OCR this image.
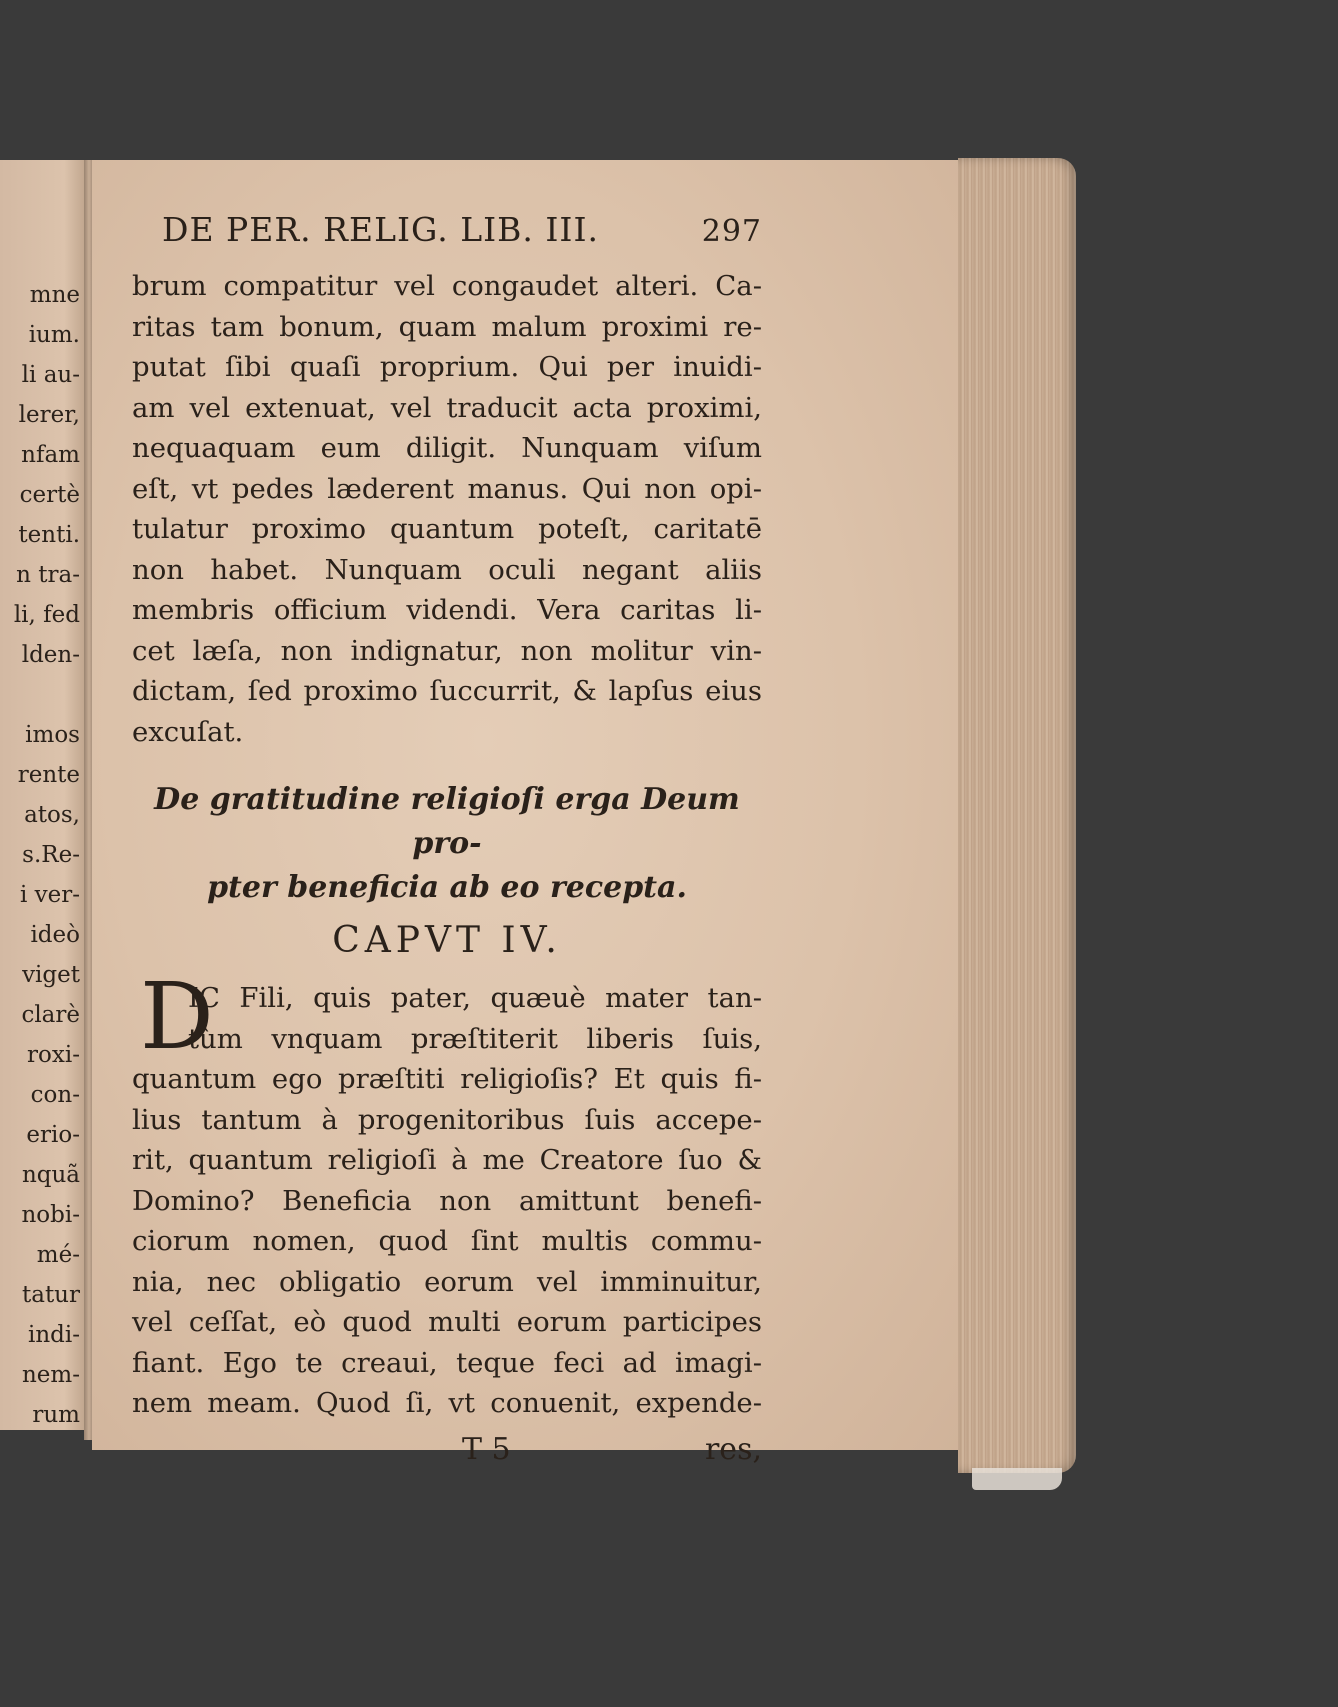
mne
ium.
li au-
lerer,
nfam
certè
tenti.
n tra-
li, fed
lden-
imos
rente
atos,
s.Re-
i ver-
ideò
viget
clarè
roxi-
con-
erio-
nquã
nobi-
mé-
tatur
indi-
nem-
rum
DE PER. RELIG. LIB. III.	297
brum compatitur vel congaudet alteri. Ca-
ritas tam bonum, quam malum proximi re-
putat ſibi quaſi proprium. Qui per inuidi-
am vel extenuat, vel traducit acta proximi,
nequaquam eum diligit. Nunquam viſum
eſt, vt pedes læderent manus. Qui non opi-
tulatur proximo quantum poteſt, caritatē
non habet. Nunquam oculi negant aliis
membris officium videndi. Vera caritas li-
cet læſa, non indignatur, non molitur vin-
dictam, ſed proximo ſuccurrit, & lapſus eius
excuſat.
De gratitudine religioſi erga Deum pro-
pter beneficia ab eo recepta.
CAPVT IV.
D
IC Fili, quis pater, quæuè mater tan-
tùm vnquam præſtiterit liberis ſuis,
quantum ego præſtiti religioſis? Et quis fi-
lius tantum à progenitoribus ſuis accepe-
rit, quantum religioſi à me Creatore ſuo &
Domino? Beneficia non amittunt benefi-
ciorum nomen, quod ſint multis commu-
nia, nec obligatio eorum vel imminuitur,
vel ceſſat, eò quod multi eorum participes
fiant. Ego te creaui, teque feci ad imagi-
nem meam. Quod ſi, vt conuenit, expende-
T 5	res,
